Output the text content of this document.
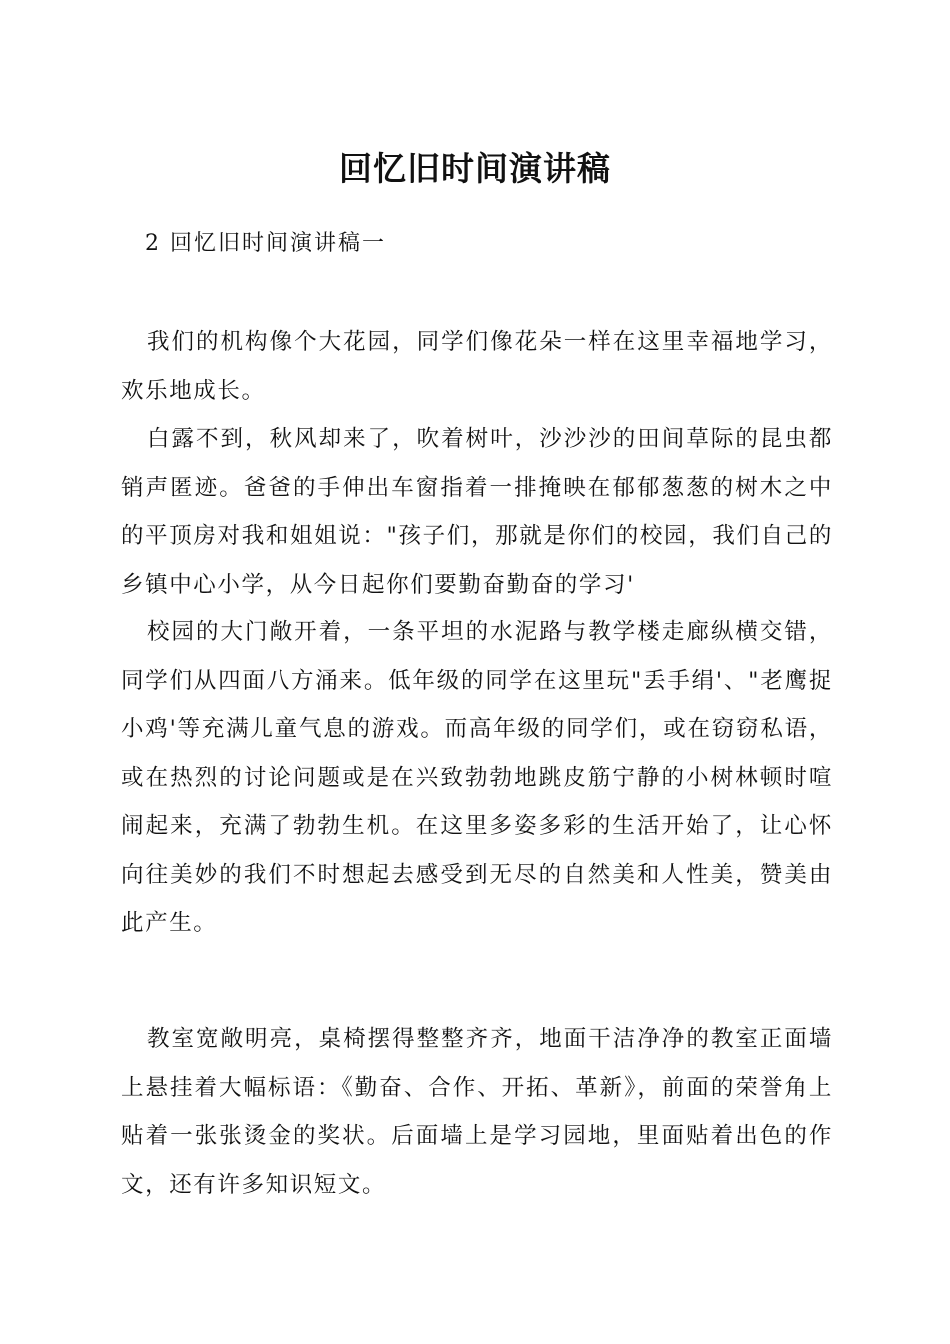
回忆旧时间演讲稿
2 回忆旧时间演讲稿一

我们的机构像个大花园，同学们像花朵一样在这里幸福地学习，欢乐地成长。

白露不到，秋风却来了，吹着树叶，沙沙沙的田间草际的昆虫都销声匿迹。爸爸的手伸出车窗指着一排掩映在郁郁葱葱的树木之中的平顶房对我和姐姐说："孩子们，那就是你们的校园，我们自己的乡镇中心小学，从今日起你们要勤奋勤奋的学习'

校园的大门敞开着，一条平坦的水泥路与教学楼走廊纵横交错，同学们从四面八方涌来。低年级的同学在这里玩"丢手绢'、"老鹰捉小鸡'等充满儿童气息的游戏。而高年级的同学们，或在窃窃私语，或在热烈的讨论问题或是在兴致勃勃地跳皮筋宁静的小树林顿时喧闹起来，充满了勃勃生机。在这里多姿多彩的生活开始了，让心怀向往美妙的我们不时想起去感受到无尽的自然美和人性美，赞美由此产生。

教室宽敞明亮，桌椅摆得整整齐齐，地面干洁净净的教室正面墙上悬挂着大幅标语：《勤奋、合作、开拓、革新》，前面的荣誉角上贴着一张张烫金的奖状。后面墙上是学习园地，里面贴着出色的作文，还有许多知识短文。
